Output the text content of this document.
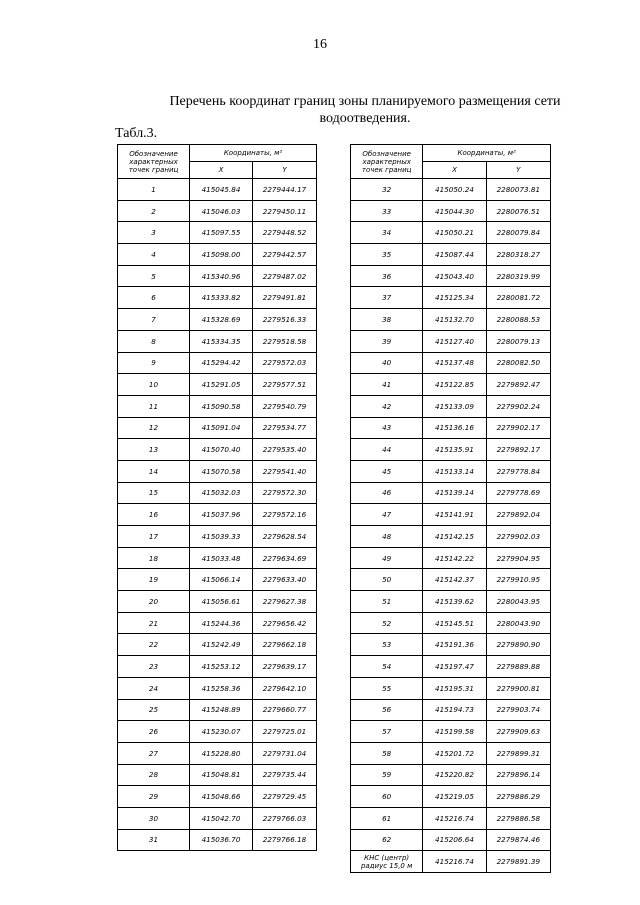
16
Перечень координат границ зоны планируемого размещения сети водоотведения.
Табл.3.
Обозначение характерных точек границ	Координаты, м²	
	X	Y
1	415045.84	2279444.17
2	415046.03	2279450.11
3	415097.55	2279448.52
4	415098.00	2279442.57
5	415340.96	2279487.02
6	415333.82	2279491.81
7	415328.69	2279516.33
8	415334.35	2279518.58
9	415294.42	2279572.03
10	415291.05	2279577.51
11	415090.58	2279540.79
12	415091.04	2279534.77
13	415070.40	2279535.40
14	415070.58	2279541.40
15	415032.03	2279572.30
16	415037.96	2279572.16
17	415039.33	2279628.54
18	415033.48	2279634.69
19	415066.14	2279633.40
20	415056.61	2279627.38
21	415244.36	2279656.42
22	415242.49	2279662.18
23	415253.12	2279639.17
24	415258.36	2279642.10
25	415248.89	2279660.77
26	415230.07	2279725.01
27	415228.80	2279731.04
28	415048.81	2279735.44
29	415048.66	2279729.45
30	415042.70	2279766.03
31	415036.70	2279766.18
Обозначение характерных точек границ	Координаты, м²	
	X	Y
32	415050.24	2280073.81
33	415044.30	2280076.51
34	415050.21	2280079.84
35	415087.44	2280318.27
36	415043.40	2280319.99
37	415125.34	2280081.72
38	415132.70	2280088.53
39	415127.40	2280079.13
40	415137.48	2280082.50
41	415122.85	2279892.47
42	415133.09	2279902.24
43	415136.16	2279902.17
44	415135.91	2279892.17
45	415133.14	2279778.84
46	415139.14	2279778.69
47	415141.91	2279892.04
48	415142.15	2279902.03
49	415142.22	2279904.95
50	415142.37	2279910.95
51	415139.62	2280043.95
52	415145.51	2280043.90
53	415191.36	2279890.90
54	415197.47	2279889.88
55	415195.31	2279900.81
56	415194.73	2279903.74
57	415199.58	2279909.63
58	415201.72	2279899.31
59	415220.82	2279896.14
60	415219.05	2279886.29
61	415216.74	2279886.58
62	415206.64	2279874.46
КНС (центр) радиус 15,0 м	415216.74	2279891.39
